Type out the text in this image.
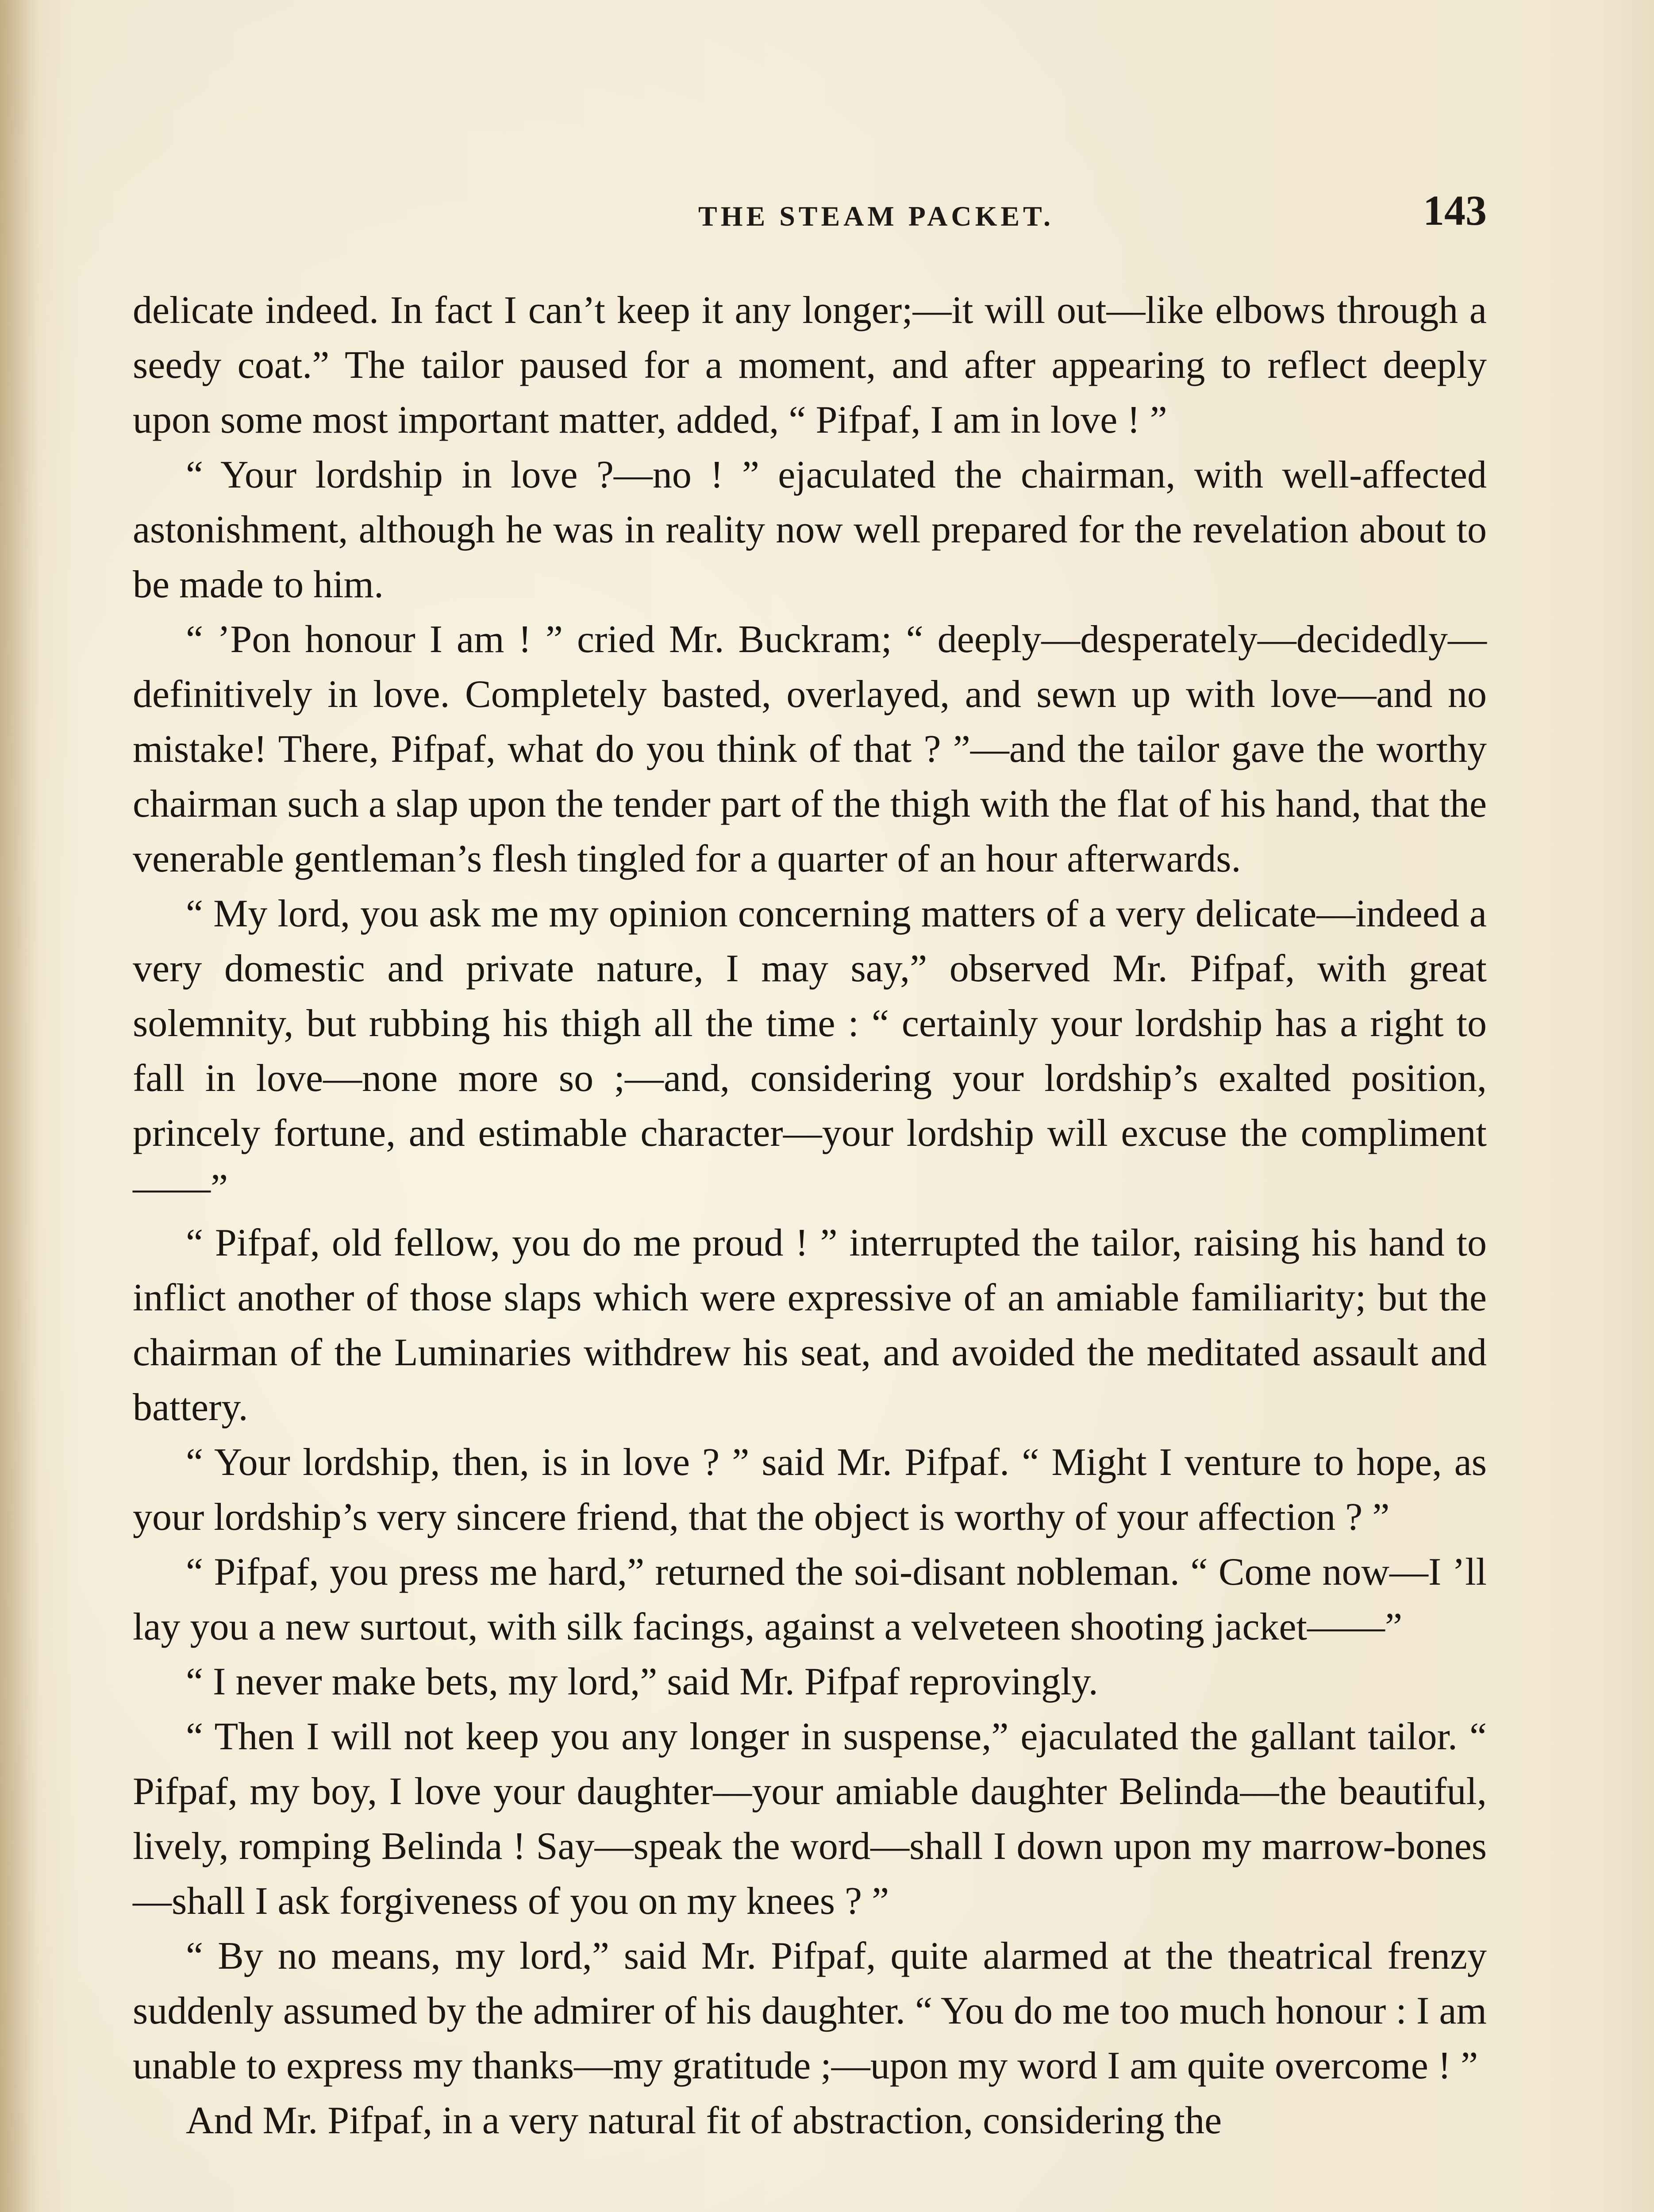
THE STEAM PACKET.	143

delicate indeed. In fact I can’t keep it any longer;—it will out—like elbows through a seedy coat.” The tailor paused for a moment, and after appearing to reflect deeply upon some most important matter, added, “ Pifpaf, I am in love ! ”

“ Your lordship in love ?—no ! ” ejaculated the chairman, with well-affected astonishment, although he was in reality now well prepared for the revelation about to be made to him.

“ ’Pon honour I am ! ” cried Mr. Buckram; “ deeply—desperately—decidedly—definitively in love. Completely basted, overlayed, and sewn up with love—and no mistake! There, Pifpaf, what do you think of that ? ”—and the tailor gave the worthy chairman such a slap upon the tender part of the thigh with the flat of his hand, that the venerable gentleman’s flesh tingled for a quarter of an hour afterwards.

“ My lord, you ask me my opinion concerning matters of a very delicate—indeed a very domestic and private nature, I may say,” observed Mr. Pifpaf, with great solemnity, but rubbing his thigh all the time : “ certainly your lordship has a right to fall in love—none more so ;—and, considering your lordship’s exalted position, princely fortune, and estimable character—your lordship will excuse the compliment——”

“ Pifpaf, old fellow, you do me proud ! ” interrupted the tailor, raising his hand to inflict another of those slaps which were expressive of an amiable familiarity; but the chairman of the Luminaries withdrew his seat, and avoided the meditated assault and battery.

“ Your lordship, then, is in love ? ” said Mr. Pifpaf. “ Might I venture to hope, as your lordship’s very sincere friend, that the object is worthy of your affection ? ”

“ Pifpaf, you press me hard,” returned the soi-disant nobleman. “ Come now—I ’ll lay you a new surtout, with silk facings, against a velveteen shooting jacket——”

“ I never make bets, my lord,” said Mr. Pifpaf reprovingly.

“ Then I will not keep you any longer in suspense,” ejaculated the gallant tailor. “ Pifpaf, my boy, I love your daughter—your amiable daughter Belinda—the beautiful, lively, romping Belinda ! Say—speak the word—shall I down upon my marrow-bones—shall I ask forgiveness of you on my knees ? ”

“ By no means, my lord,” said Mr. Pifpaf, quite alarmed at the theatrical frenzy suddenly assumed by the admirer of his daughter. “ You do me too much honour : I am unable to express my thanks—my gratitude ;—upon my word I am quite overcome ! ”

And Mr. Pifpaf, in a very natural fit of abstraction, considering the
